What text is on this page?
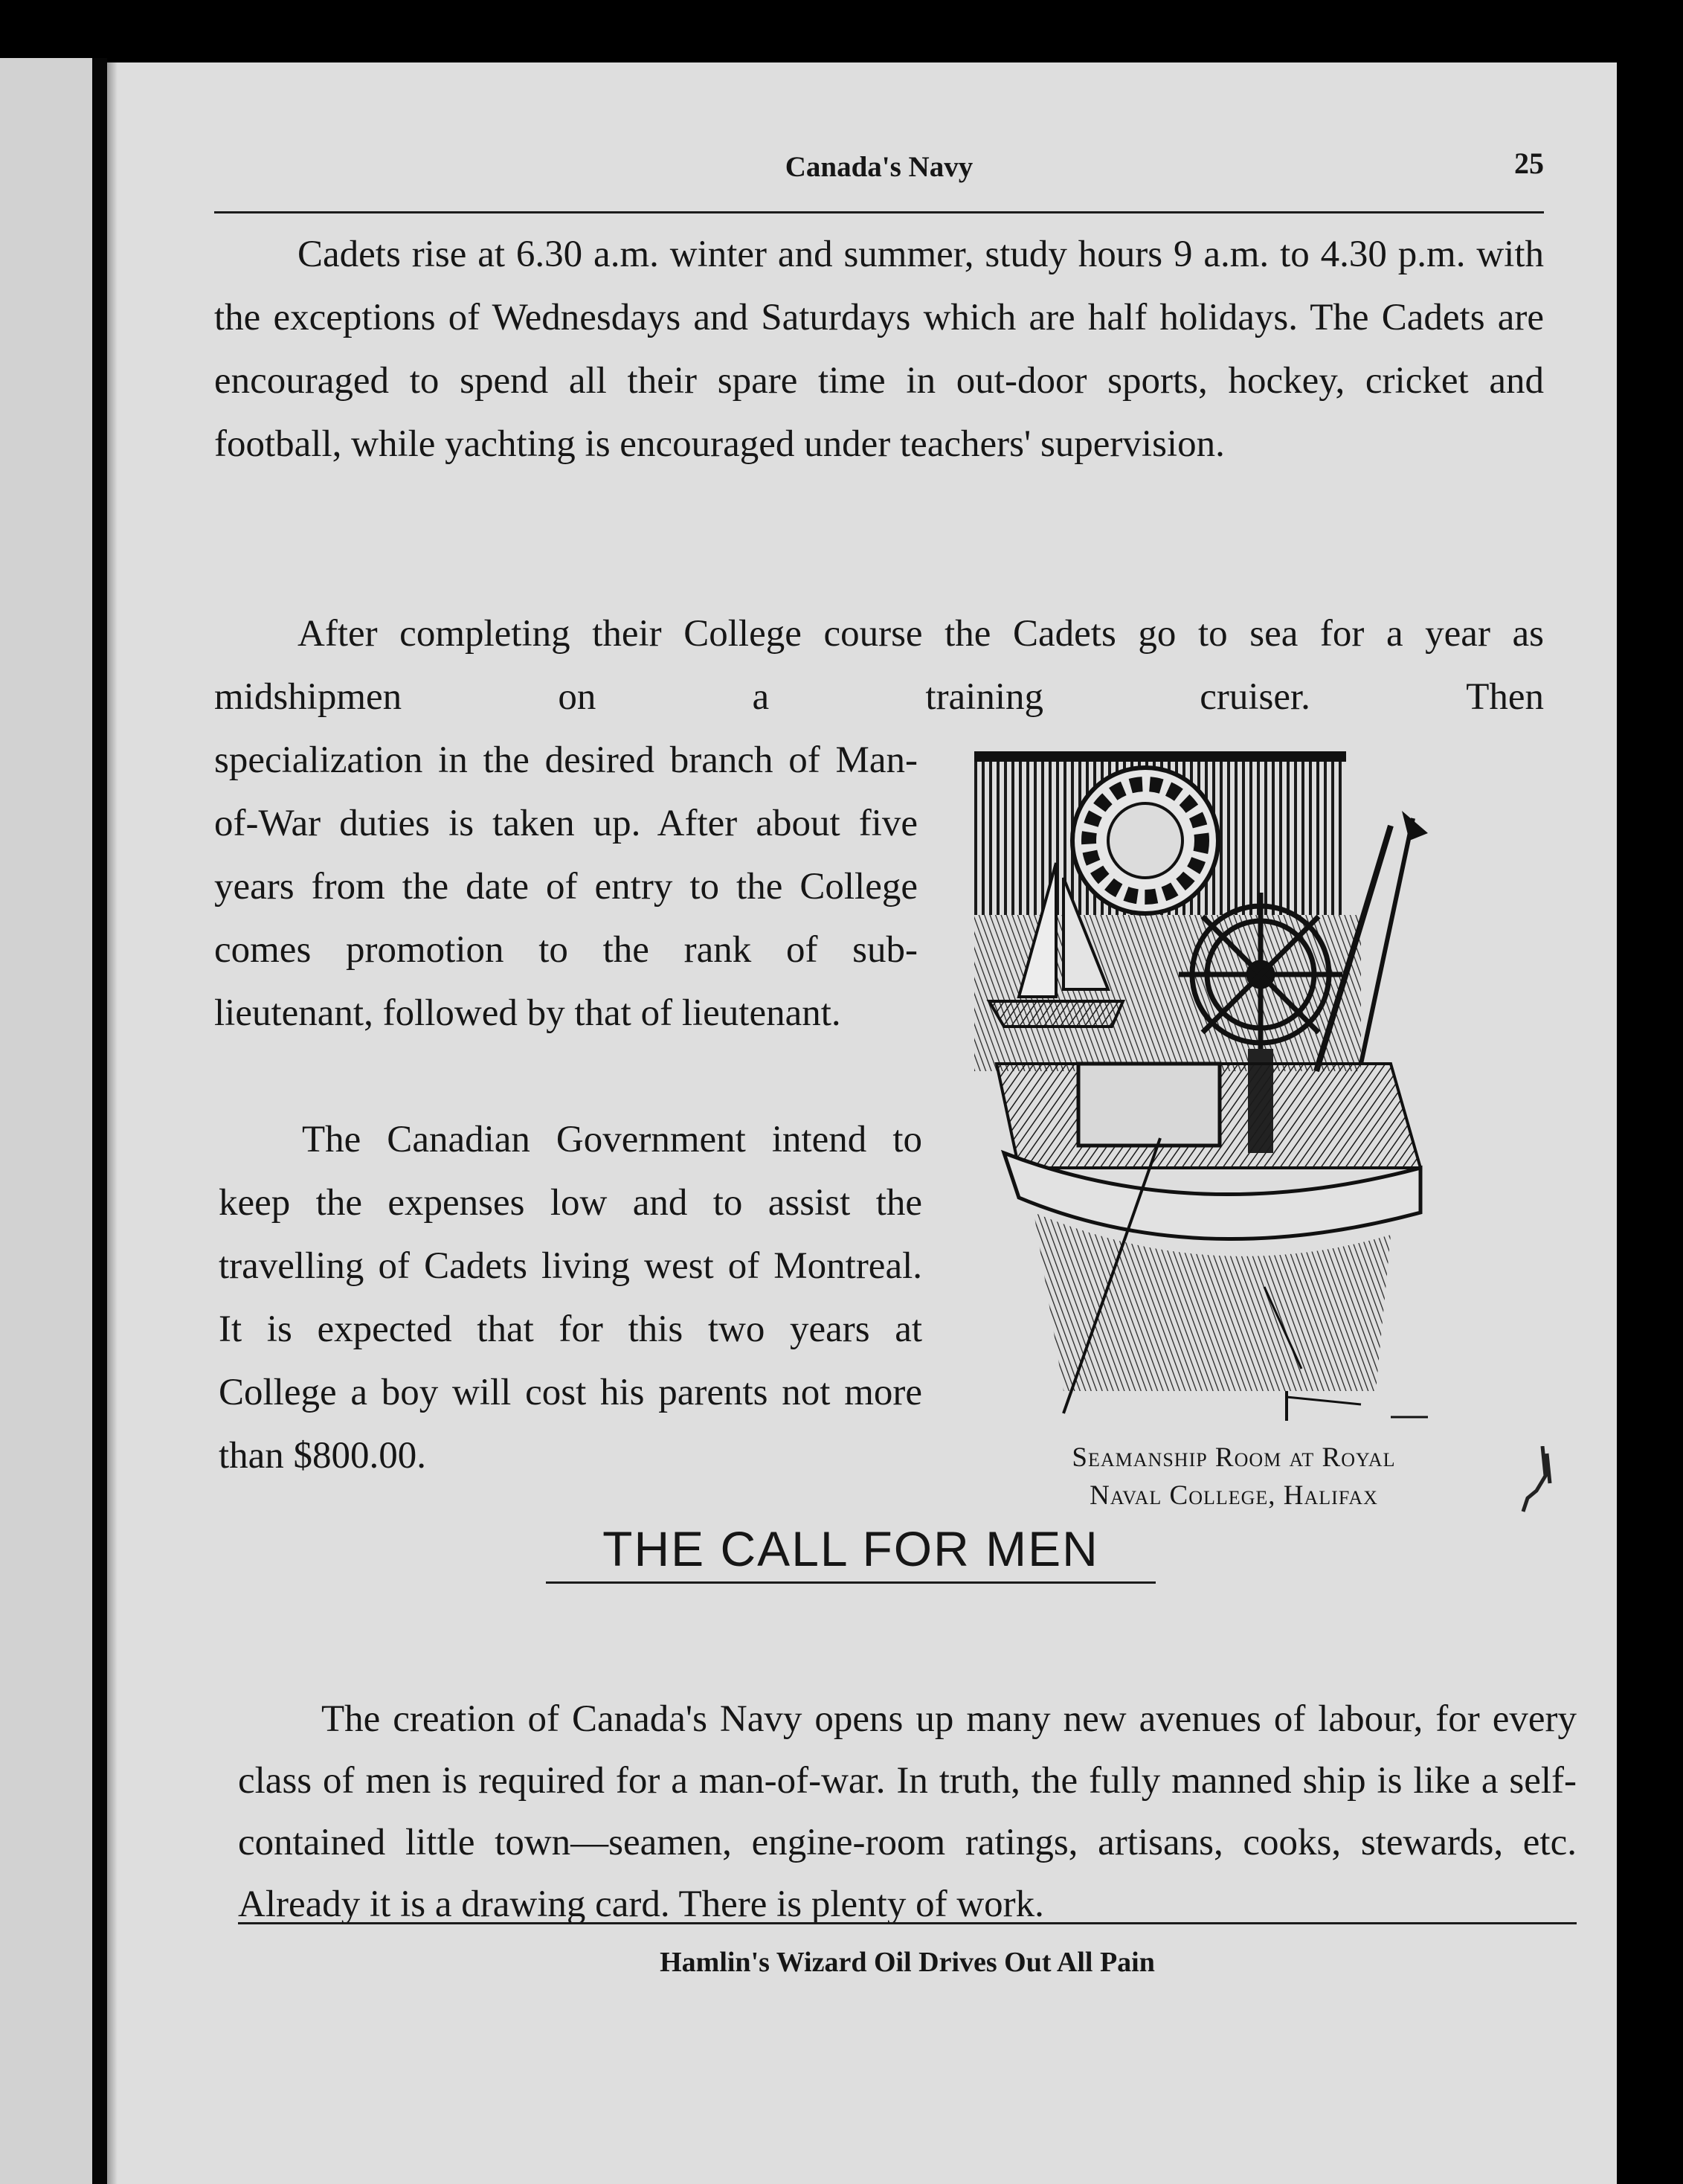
Canada's Navy	25

Cadets rise at 6.30 a.m. winter and summer, study hours 9 a.m. to 4.30 p.m. with the exceptions of Wednesdays and Saturdays which are half holidays. The Cadets are encouraged to spend all their spare time in out-door sports, hockey, cricket and football, while yachting is encouraged under teachers' supervision.

After completing their College course the Cadets go to sea for a year as midshipmen on a training cruiser. Then

specialization in the desired branch of Man-of-War duties is taken up. After about five years from the date of entry to the College comes promotion to the rank of sub-lieutenant, followed by that of lieutenant.

The Canadian Government intend to keep the expenses low and to assist the travelling of Cadets living west of Montreal. It is expected that for this two years at College a boy will cost his parents not more than $800.00.	Seamanship Room at Royal
Naval College, Halifax
THE CALL FOR MEN

The creation of Canada's Navy opens up many new avenues of labour, for every class of men is required for a man-of-war. In truth, the fully manned ship is like a self-contained little town—seamen, engine-room ratings, artisans, cooks, stewards, etc. Already it is a drawing card. There is plenty of work.

Hamlin's Wizard Oil Drives Out All Pain
